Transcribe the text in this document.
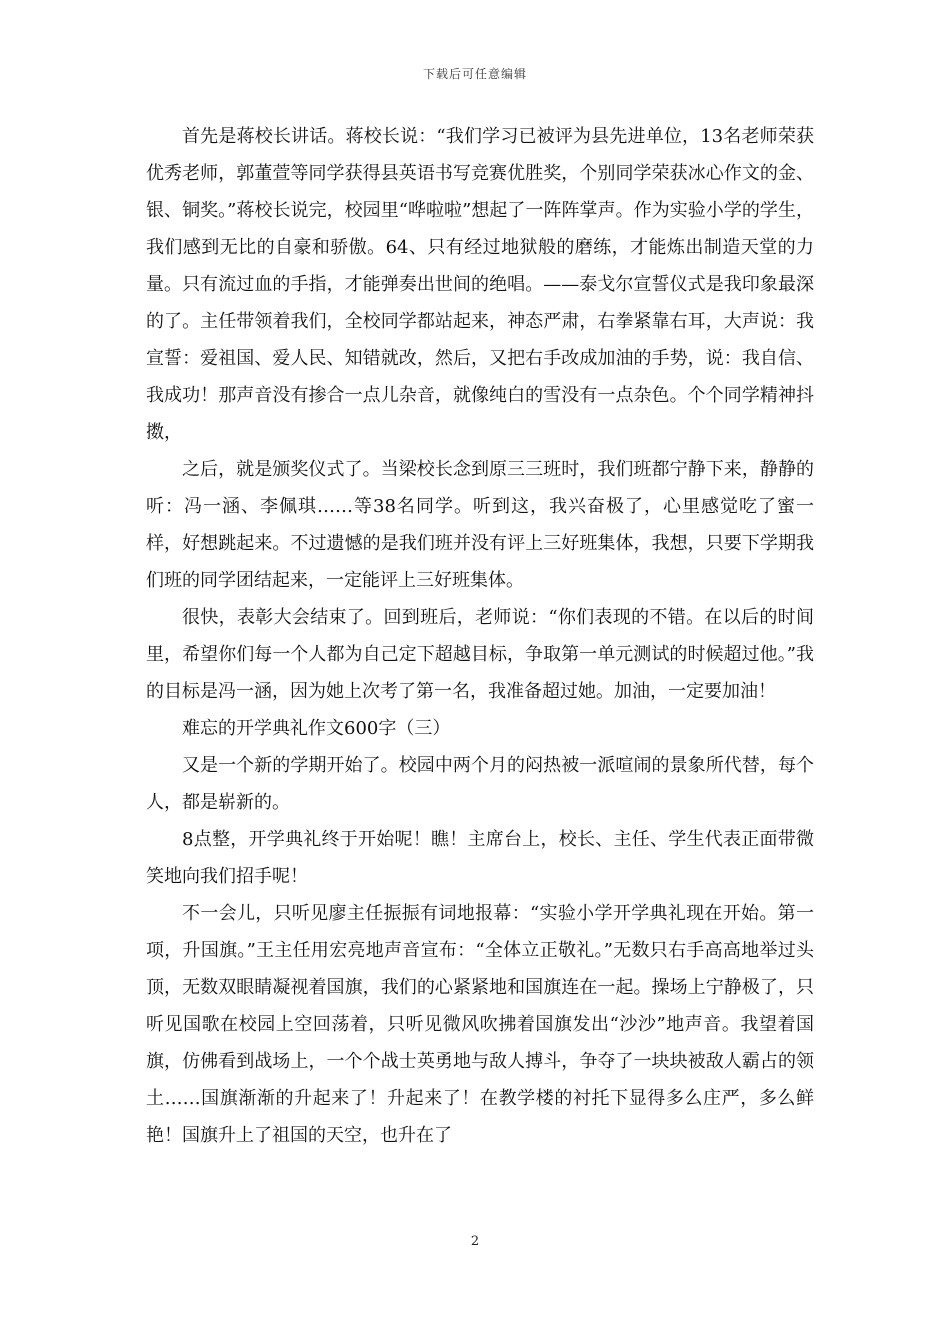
下载后可任意编辑

首先是蒋校长讲话。蒋校长说：“我们学习已被评为县先进单位，13名老师荣获优秀老师，郭董萱等同学获得县英语书写竞赛优胜奖，个别同学荣获冰心作文的金、银、铜奖。”蒋校长说完，校园里“哗啦啦”想起了一阵阵掌声。作为实验小学的学生，我们感到无比的自豪和骄傲。64、只有经过地狱般的磨练，才能炼出制造天堂的力量。只有流过血的手指，才能弹奏出世间的绝唱。——泰戈尔宣誓仪式是我印象最深的了。主任带领着我们，全校同学都站起来，神态严肃，右拳紧靠右耳，大声说：我宣誓：爱祖国、爱人民、知错就改，然后，又把右手改成加油的手势，说：我自信、我成功！那声音没有掺合一点儿杂音，就像纯白的雪没有一点杂色。个个同学精神抖擞，

之后，就是颁奖仪式了。当梁校长念到原三三班时，我们班都宁静下来，静静的听：冯一涵、李佩琪……等38名同学。听到这，我兴奋极了，心里感觉吃了蜜一样，好想跳起来。不过遗憾的是我们班并没有评上三好班集体，我想，只要下学期我们班的同学团结起来，一定能评上三好班集体。

很快，表彰大会结束了。回到班后，老师说：“你们表现的不错。在以后的时间里，希望你们每一个人都为自己定下超越目标，争取第一单元测试的时候超过他。”我的目标是冯一涵，因为她上次考了第一名，我准备超过她。加油，一定要加油！

难忘的开学典礼作文600字（三）

又是一个新的学期开始了。校园中两个月的闷热被一派喧闹的景象所代替，每个人，都是崭新的。

8点整，开学典礼终于开始呢！瞧！主席台上，校长、主任、学生代表正面带微笑地向我们招手呢！

不一会儿，只听见廖主任振振有词地报幕：“实验小学开学典礼现在开始。第一项，升国旗。”王主任用宏亮地声音宣布：“全体立正敬礼。”无数只右手高高地举过头顶，无数双眼睛凝视着国旗，我们的心紧紧地和国旗连在一起。操场上宁静极了，只听见国歌在校园上空回荡着，只听见微风吹拂着国旗发出“沙沙”地声音。我望着国旗，仿佛看到战场上，一个个战士英勇地与敌人搏斗，争夺了一块块被敌人霸占的领土……国旗渐渐的升起来了！升起来了！在教学楼的衬托下显得多么庄严，多么鲜艳！国旗升上了祖国的天空，也升在了

2
